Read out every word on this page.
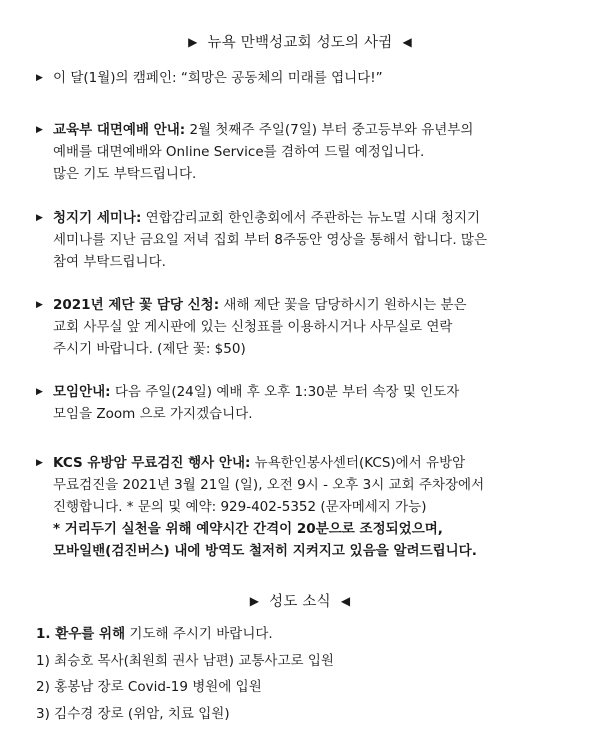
▶ 뉴욕 만백성교회 성도의 사귐 ◀
▶ 이 달(1월)의 캠페인: “희망은 공동체의 미래를 엽니다!”
▶ 교육부 대면예배 안내: 2월 첫째주 주일(7일) 부터 중고등부와 유년부의
예배를 대면예배와 Online Service를 겸하여 드릴 예정입니다.
많은 기도 부탁드립니다.
▶ 청지기 세미나: 연합감리교회 한인총회에서 주관하는 뉴노멀 시대 청지기
세미나를 지난 금요일 저녁 집회 부터 8주동안 영상을 통해서 합니다. 많은
참여 부탁드립니다.
▶ 2021년 제단 꽃 담당 신청: 새해 제단 꽃을 담당하시기 원하시는 분은
교회 사무실 앞 게시판에 있는 신청표를 이용하시거나 사무실로 연락
주시기 바랍니다. (제단 꽃: $50)
▶ 모임안내: 다음 주일(24일) 예배 후 오후 1:30분 부터 속장 및 인도자
모임을 Zoom 으로 가지겠습니다.
▶ KCS 유방암 무료검진 행사 안내: 뉴욕한인봉사센터(KCS)에서 유방암
무료검진을 2021년 3월 21일 (일), 오전 9시 - 오후 3시 교회 주차장에서
진행합니다. * 문의 및 예약: 929-402-5352 (문자메세지 가능)
* 거리두기 실천을 위해 예약시간 간격이 20분으로 조정되었으며,
모바일밴(검진버스) 내에 방역도 철저히 지켜지고 있음을 알려드립니다.
▶ 성도 소식 ◀
1. 환우를 위해 기도해 주시기 바랍니다.
1) 최승호 목사(최원희 권사 남편) 교통사고로 입원
2) 홍봉남 장로 Covid-19 병원에 입원
3) 김수경 장로 (위암, 치료 입원)
